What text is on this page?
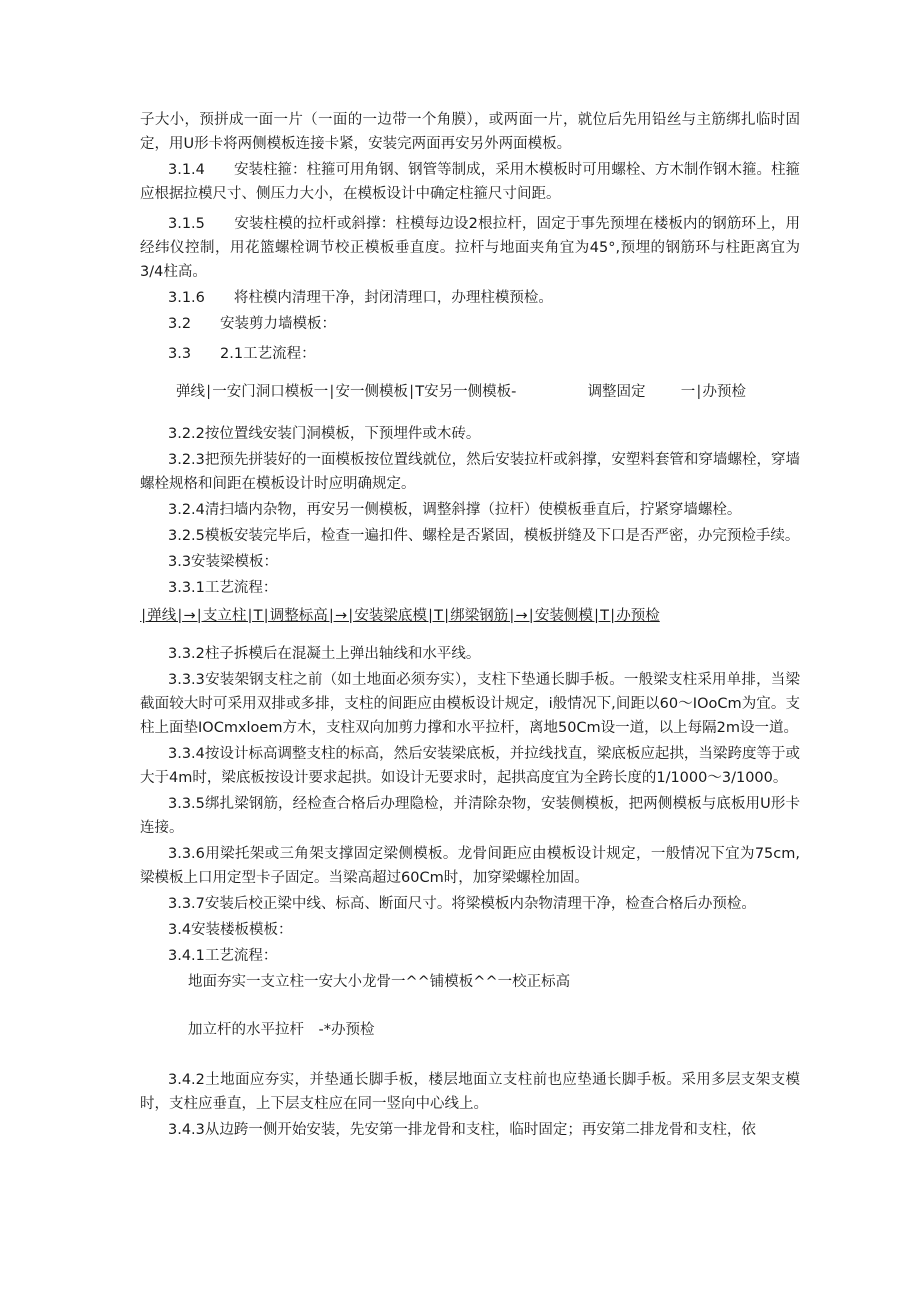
子大小，预拼成一面一片（一面的一边带一个角膜），或两面一片，就位后先用铅丝与主筋绑扎临时固定，用U形卡将两侧模板连接卡紧，安装完两面再安另外两面模板。

3.1.4　　安装柱箍：柱箍可用角钢、钢管等制成，采用木模板时可用螺栓、方木制作钢木箍。柱箍应根据拉模尺寸、侧压力大小，在模板设计中确定柱箍尺寸间距。

3.1.5　　安装柱模的拉杆或斜撑：柱模每边设2根拉杆，固定于事先预埋在楼板内的钢筋环上，用经纬仪控制，用花篮螺栓调节校正模板垂直度。拉杆与地面夹角宜为45°,预埋的钢筋环与柱距离宜为3/4柱高。

3.1.6　　将柱模内清理干净，封闭清理口，办理柱模预检。

3.2　　安装剪力墙模板：

3.3　　2.1工艺流程：

弹线∣一安门洞口模板一∣安一侧模板∣T安另一侧模板-	调整固定 一∣办预检

3.2.2按位置线安装门洞模板，下预埋件或木砖。

3.2.3把预先拼装好的一面模板按位置线就位，然后安装拉杆或斜撑，安塑料套管和穿墙螺栓，穿墙螺栓规格和间距在模板设计时应明确规定。

3.2.4清扫墙内杂物，再安另一侧模板，调整斜撑（拉杆）使模板垂直后，拧紧穿墙螺栓。

3.2.5模板安装完毕后，检查一遍扣件、螺栓是否紧固，模板拼缝及下口是否严密，办完预检手续。

3.3安装梁模板：

3.3.1工艺流程：

∣弹线∣→∣支立柱∣T∣调整标高∣→∣安装梁底模∣T∣绑梁钢筋∣→∣安装侧模∣T∣办预检

3.3.2柱子拆模后在混凝土上弹出轴线和水平线。

3.3.3安装架钢支柱之前（如土地面必须夯实），支柱下垫通长脚手板。一般梁支柱采用单排，当梁截面较大时可采用双排或多排，支柱的间距应由模板设计规定，i般情况下,间距以60～IOoCm为宜。支柱上面垫IOCmxloem方木，支柱双向加剪力撑和水平拉杆，离地50Cm设一道，以上每隔2m设一道。

3.3.4按设计标高调整支柱的标高，然后安装梁底板，并拉线找直，梁底板应起拱，当梁跨度等于或大于4m时，梁底板按设计要求起拱。如设计无要求时，起拱高度宜为全跨长度的1/1000～3/1000。

3.3.5绑扎梁钢筋，经检查合格后办理隐检，并清除杂物，安装侧模板，把两侧模板与底板用U形卡连接。

3.3.6用梁托架或三角架支撑固定梁侧模板。龙骨间距应由模板设计规定，一般情况下宜为75cm,梁模板上口用定型卡子固定。当梁高超过60Cm时，加穿梁螺栓加固。

3.3.7安装后校正梁中线、标高、断面尺寸。将梁模板内杂物清理干净，检查合格后办预检。

3.4安装楼板模板：

3.4.1工艺流程：

地面夯实一支立柱一安大小龙骨一^^铺模板^^一校正标高
加立杆的水平拉杆　-*办预检

3.4.2土地面应夯实，并垫通长脚手板，楼层地面立支柱前也应垫通长脚手板。采用多层支架支模时，支柱应垂直，上下层支柱应在同一竖向中心线上。

3.4.3从边跨一侧开始安装，先安第一排龙骨和支柱，临时固定；再安第二排龙骨和支柱，依
